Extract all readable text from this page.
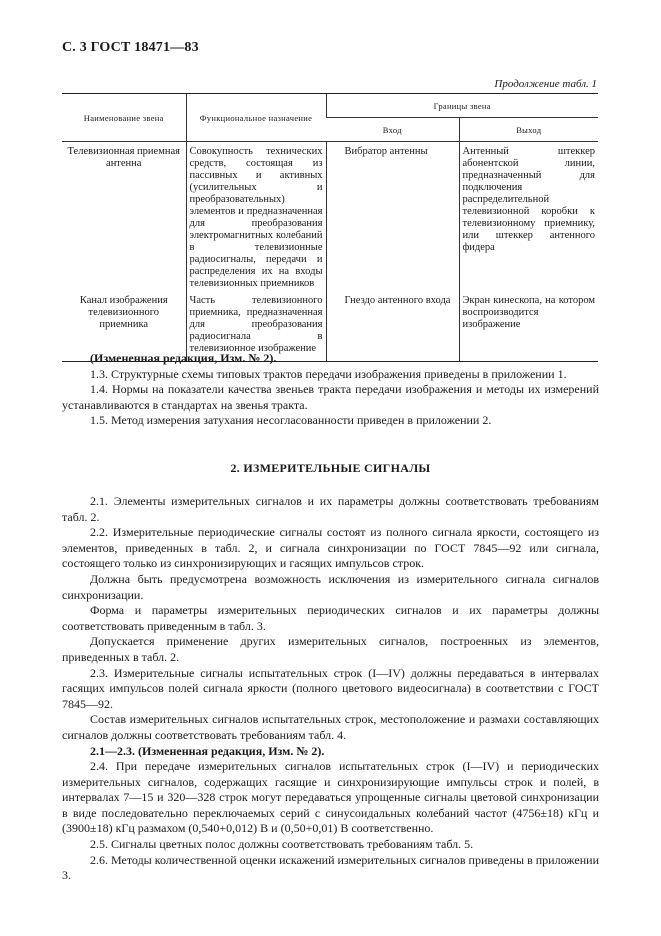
С. 3 ГОСТ 18471—83
Продолжение табл. 1
Наименование звена	Функциональное назначение	Границы звена	
		Вход	Выход
Телевизионная приемная антенна	Совокупность технических средств, состоящая из пассивных и активных (усилительных и преобразовательных) элементов и предназначенная для преобразования электромагнитных колебаний в телевизионные радиосигналы, передачи и распределения их на входы телевизионных приемников	Вибратор антенны	Антенный штеккер абонентской линии, предназначенный для подключения распределительной телевизионной коробки к телевизионному приемнику, или штеккер антенного фидера
Канал изображения телевизионного приемника	Часть телевизионного приемника, предназначенная для преобразования радиосигнала в телевизионное изображение	Гнездо антенного входа	Экран кинескопа, на котором воспроизводится изображение

(Измененная редакция, Изм. № 2).

1.3. Структурные схемы типовых трактов передачи изображения приведены в приложении 1.

1.4. Нормы на показатели качества звеньев тракта передачи изображения и методы их измерений устанавливаются в стандартах на звенья тракта.

1.5. Метод измерения затухания несогласованности приведен в приложении 2.

2. ИЗМЕРИТЕЛЬНЫЕ СИГНАЛЫ

2.1. Элементы измерительных сигналов и их параметры должны соответствовать требованиям табл. 2.

2.2. Измерительные периодические сигналы состоят из полного сигнала яркости, состоящего из элементов, приведенных в табл. 2, и сигнала синхронизации по ГОСТ 7845—92 или сигнала, состоящего только из синхронизирующих и гасящих импульсов строк.

Должна быть предусмотрена возможность исключения из измерительного сигнала сигналов синхронизации.

Форма и параметры измерительных периодических сигналов и их параметры должны соответствовать приведенным в табл. 3.

Допускается применение других измерительных сигналов, построенных из элементов, приведенных в табл. 2.

2.3. Измерительные сигналы испытательных строк (I—IV) должны передаваться в интервалах гасящих импульсов полей сигнала яркости (полного цветового видеосигнала) в соответствии с ГОСТ 7845—92.

Состав измерительных сигналов испытательных строк, местоположение и размахи составляющих сигналов должны соответствовать требованиям табл. 4.

2.1—2.3. (Измененная редакция, Изм. № 2).

2.4. При передаче измерительных сигналов испытательных строк (I—IV) и периодических измерительных сигналов, содержащих гасящие и синхронизирующие импульсы строк и полей, в интервалах 7—15 и 320—328 строк могут передаваться упрощенные сигналы цветовой синхронизации в виде последовательно переключаемых серий с синусоидальных колебаний частот (4756±18) кГц и (3900±18) кГц размахом (0,540+0,012) В и (0,50+0,01) В соответственно.

2.5. Сигналы цветных полос должны соответствовать требованиям табл. 5.

2.6. Методы количественной оценки искажений измерительных сигналов приведены в приложении 3.
